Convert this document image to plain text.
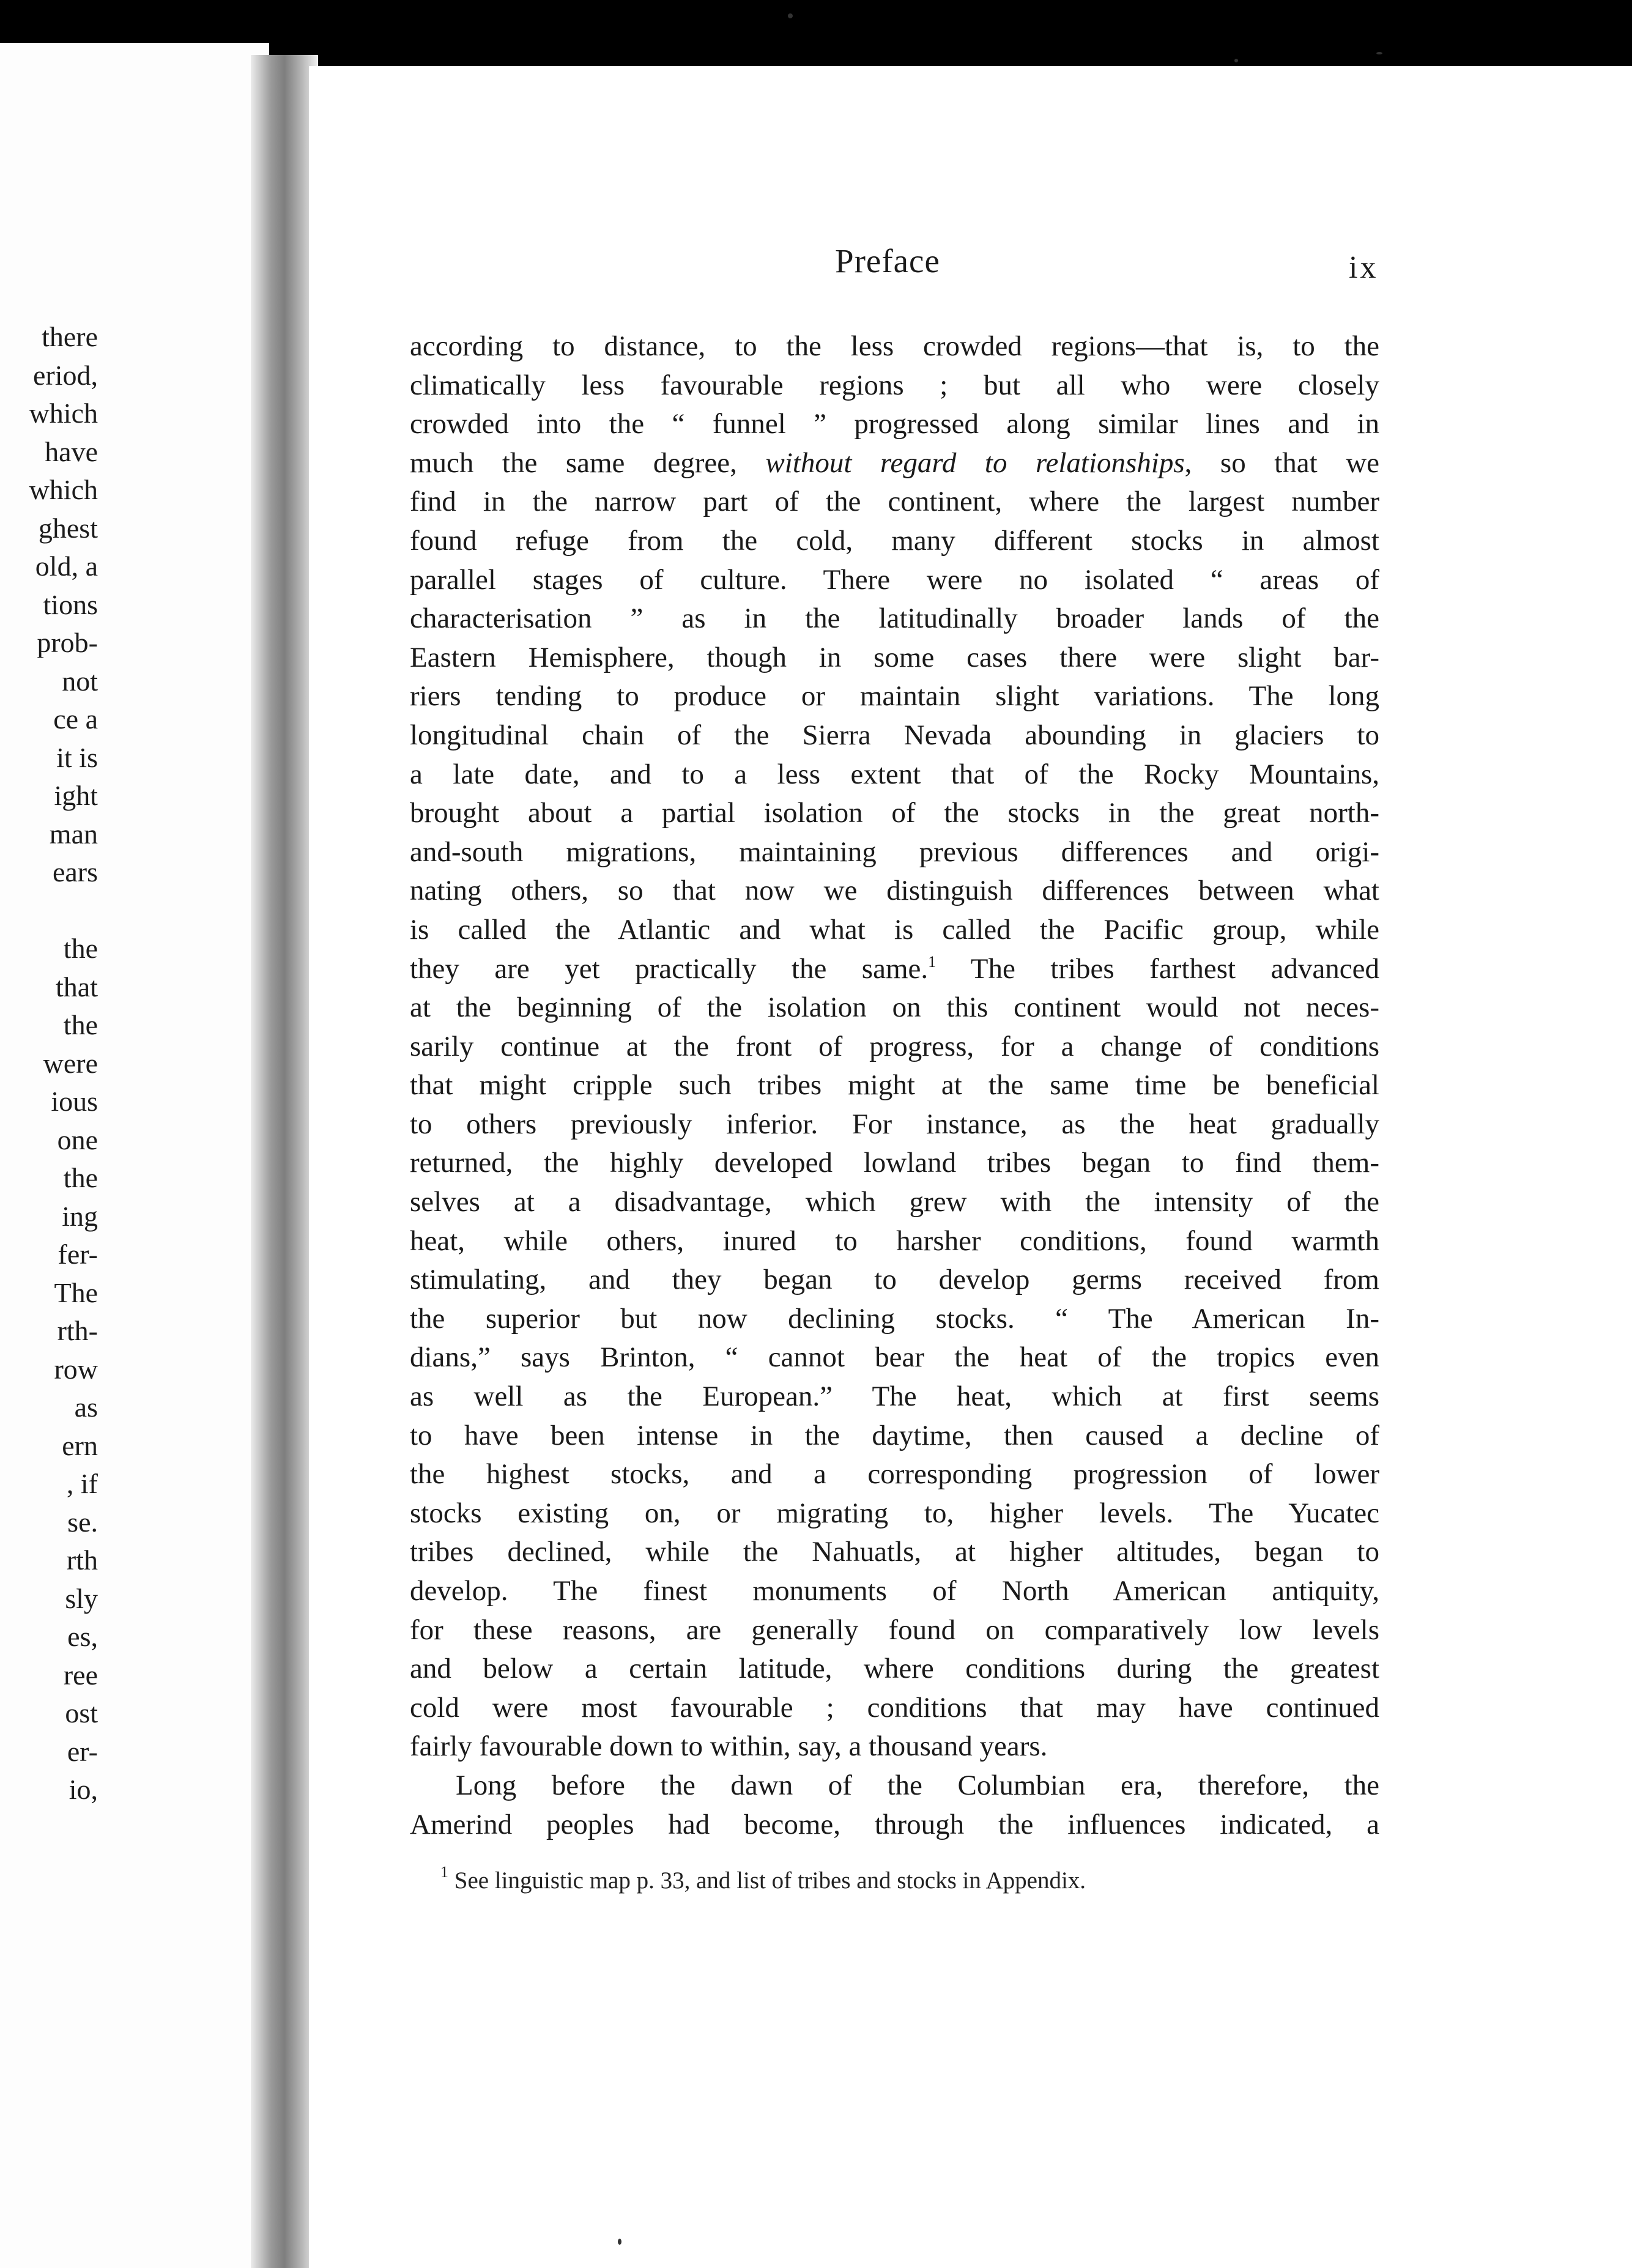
there
eriod,
which
have
which
ghest
old, a
tions
prob-
not
ce a
it is
ight
man
ears
the
that
the
were
ious
one
the
ing
fer-
The
rth-
row
as
ern
, if
se.
rth
sly
es,
ree
ost
er-
io,
Preface	ix
according to distance, to the less crowded regions—that is, to the
climatically less favourable regions ; but all who were closely
crowded into the “ funnel ” progressed along similar lines and in
much the same degree, without regard to relationships, so that we
find in the narrow part of the continent, where the largest number
found refuge from the cold, many different stocks in almost
parallel stages of culture. There were no isolated “ areas of
characterisation ” as in the latitudinally broader lands of the
Eastern Hemisphere, though in some cases there were slight bar-
riers tending to produce or maintain slight variations. The long
longitudinal chain of the Sierra Nevada abounding in glaciers to
a late date, and to a less extent that of the Rocky Mountains,
brought about a partial isolation of the stocks in the great north-
and-south migrations, maintaining previous differences and origi-
nating others, so that now we distinguish differences between what
is called the Atlantic and what is called the Pacific group, while
they are yet practically the same.$^1$ The tribes farthest advanced
at the beginning of the isolation on this continent would not neces-
sarily continue at the front of progress, for a change of conditions
that might cripple such tribes might at the same time be beneficial
to others previously inferior. For instance, as the heat gradually
returned, the highly developed lowland tribes began to find them-
selves at a disadvantage, which grew with the intensity of the
heat, while others, inured to harsher conditions, found warmth
stimulating, and they began to develop germs received from
the superior but now declining stocks. “ The American In-
dians,” says Brinton, “ cannot bear the heat of the tropics even
as well as the European.” The heat, which at first seems
to have been intense in the daytime, then caused a decline of
the highest stocks, and a corresponding progression of lower
stocks existing on, or migrating to, higher levels. The Yucatec
tribes declined, while the Nahuatls, at higher altitudes, began to
develop. The finest monuments of North American antiquity,
for these reasons, are generally found on comparatively low levels
and below a certain latitude, where conditions during the greatest
cold were most favourable ; conditions that may have continued
fairly favourable down to within, say, a thousand years.
Long before the dawn of the Columbian era, therefore, the
Amerind peoples had become, through the influences indicated, a
$^1$ See linguistic map p. 33, and list of tribes and stocks in Appendix.
